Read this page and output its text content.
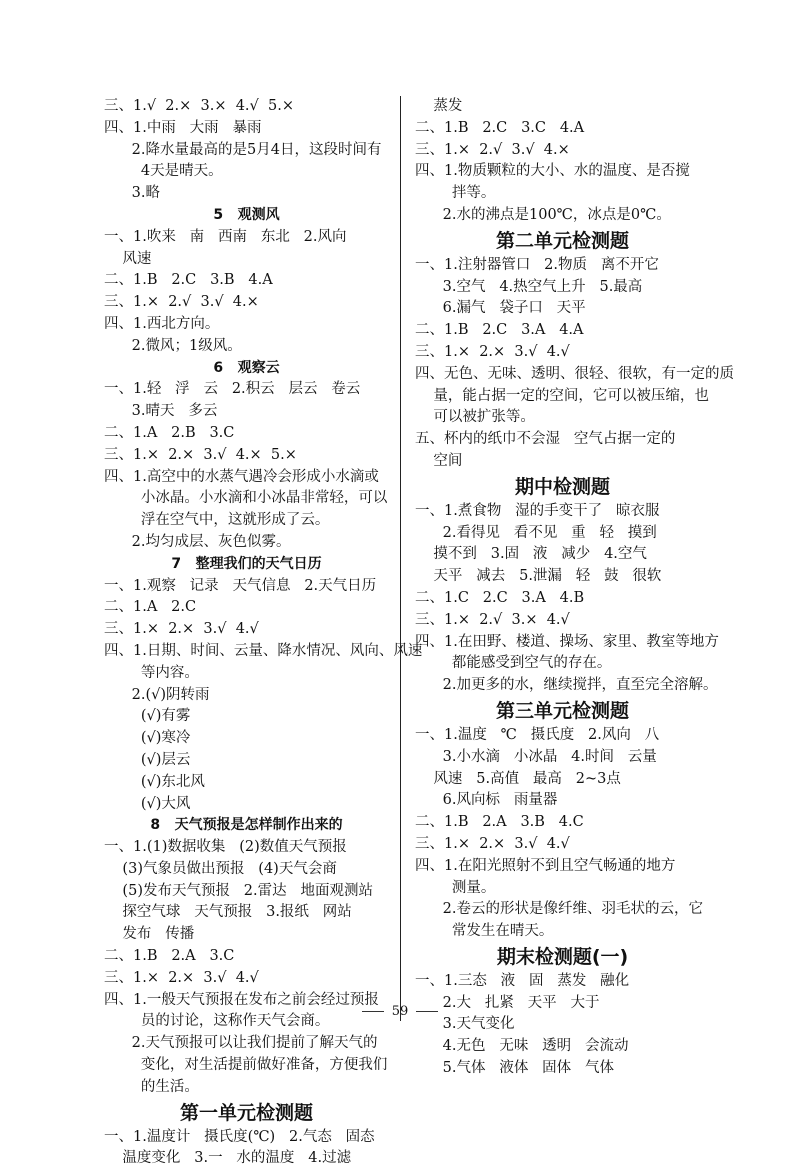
三、1.√  2.×  3.×  4.√  5.×
四、1.中雨   大雨   暴雨
2.降水量最高的是5月4日，这段时间有
4天是晴天。
3.略
5   观测风
一、1.吹来   南   西南   东北   2.风向
风速
二、1.B   2.C   3.B   4.A
三、1.×  2.√  3.√  4.×
四、1.西北方向。
2.微风；1级风。
6   观察云
一、1.轻   浮   云   2.积云   层云   卷云
3.晴天   多云
二、1.A   2.B   3.C
三、1.×  2.×  3.√  4.×  5.×
四、1.高空中的水蒸气遇冷会形成小水滴或
小冰晶。小水滴和小冰晶非常轻，可以
浮在空气中，这就形成了云。
2.均匀成层、灰色似雾。
7   整理我们的天气日历
一、1.观察   记录   天气信息   2.天气日历
二、1.A   2.C
三、1.×  2.×  3.√  4.√
四、1.日期、时间、云量、降水情况、风向、风速
等内容。
2.(√)阴转雨
(√)有雾
(√)寒冷
(√)层云
(√)东北风
(√)大风
8   天气预报是怎样制作出来的
一、1.(1)数据收集   (2)数值天气预报
(3)气象员做出预报   (4)天气会商
(5)发布天气预报   2.雷达   地面观测站
探空气球   天气预报   3.报纸   网站
发布   传播
二、1.B   2.A   3.C
三、1.×  2.×  3.√  4.√
四、1.一般天气预报在发布之前会经过预报
员的讨论，这称作天气会商。
2.天气预报可以让我们提前了解天气的
变化，对生活提前做好准备，方便我们
的生活。
第一单元检测题
一、1.温度计   摄氏度(℃)   2.气态   固态
温度变化   3.一   水的温度   4.过滤
蒸发
二、1.B   2.C   3.C   4.A
三、1.×  2.√  3.√  4.×
四、1.物质颗粒的大小、水的温度、是否搅
拌等。
2.水的沸点是100℃，冰点是0℃。
第二单元检测题
一、1.注射器管口   2.物质   离不开它
3.空气   4.热空气上升   5.最高
6.漏气   袋子口   天平
二、1.B   2.C   3.A   4.A
三、1.×  2.×  3.√  4.√
四、无色、无味、透明、很轻、很软，有一定的质
量，能占据一定的空间，它可以被压缩，也
可以被扩张等。
五、杯内的纸巾不会湿   空气占据一定的
空间
期中检测题
一、1.煮食物   湿的手变干了   晾衣服
2.看得见   看不见   重   轻   摸到
摸不到   3.固   液   减少   4.空气
天平   减去   5.泄漏   轻   鼓   很软
二、1.C   2.C   3.A   4.B
三、1.×  2.√  3.×  4.√
四、1.在田野、楼道、操场、家里、教室等地方
都能感受到空气的存在。
2.加更多的水，继续搅拌，直至完全溶解。
第三单元检测题
一、1.温度   ℃   摄氏度   2.风向   八
3.小水滴   小冰晶   4.时间   云量
风速   5.高值   最高   2~3点
6.风向标   雨量器
二、1.B   2.A   3.B   4.C
三、1.×  2.×  3.√  4.√
四、1.在阳光照射不到且空气畅通的地方
测量。
2.卷云的形状是像纤维、羽毛状的云，它
常发生在晴天。
期末检测题(一)
一、1.三态   液   固   蒸发   融化
2.大   扎紧   天平   大于
3.天气变化
4.无色   无味   透明   会流动
5.气体   液体   固体   气体
59
